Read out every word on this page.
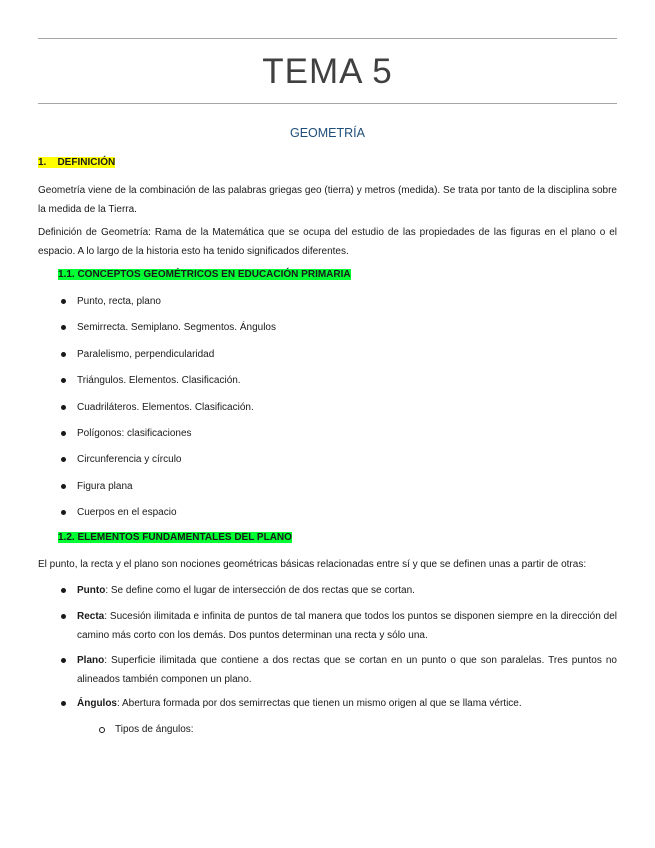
TEMA 5
GEOMETRÍA
1.    DEFINICIÓN
Geometría viene de la combinación de las palabras griegas geo (tierra) y metros (medida). Se trata por tanto de la disciplina sobre la medida de la Tierra.
Definición de Geometría: Rama de la Matemática que se ocupa del estudio de las propiedades de las figuras en el plano o el espacio. A lo largo de la historia esto ha tenido significados diferentes.
1.1. CONCEPTOS GEOMÉTRICOS EN EDUCACIÓN PRIMARIA
Punto, recta, plano
Semirrecta. Semiplano. Segmentos. Ángulos
Paralelismo, perpendicularidad
Triángulos. Elementos. Clasificación.
Cuadriláteros. Elementos. Clasificación.
Polígonos: clasificaciones
Circunferencia y círculo
Figura plana
Cuerpos en el espacio
1.2. ELEMENTOS FUNDAMENTALES DEL PLANO
El punto, la recta y el plano son nociones geométricas básicas relacionadas entre sí y que se definen unas a partir de otras:
Punto: Se define como el lugar de intersección de dos rectas que se cortan.
Recta: Sucesión ilimitada e infinita de puntos de tal manera que todos los puntos se disponen siempre en la dirección del camino más corto con los demás. Dos puntos determinan una recta y sólo una.
Plano: Superficie ilimitada que contiene a dos rectas que se cortan en un punto o que son paralelas. Tres puntos no alineados también componen un plano.
Ángulos: Abertura formada por dos semirrectas que tienen un mismo origen al que se llama vértice.
Tipos de ángulos:
